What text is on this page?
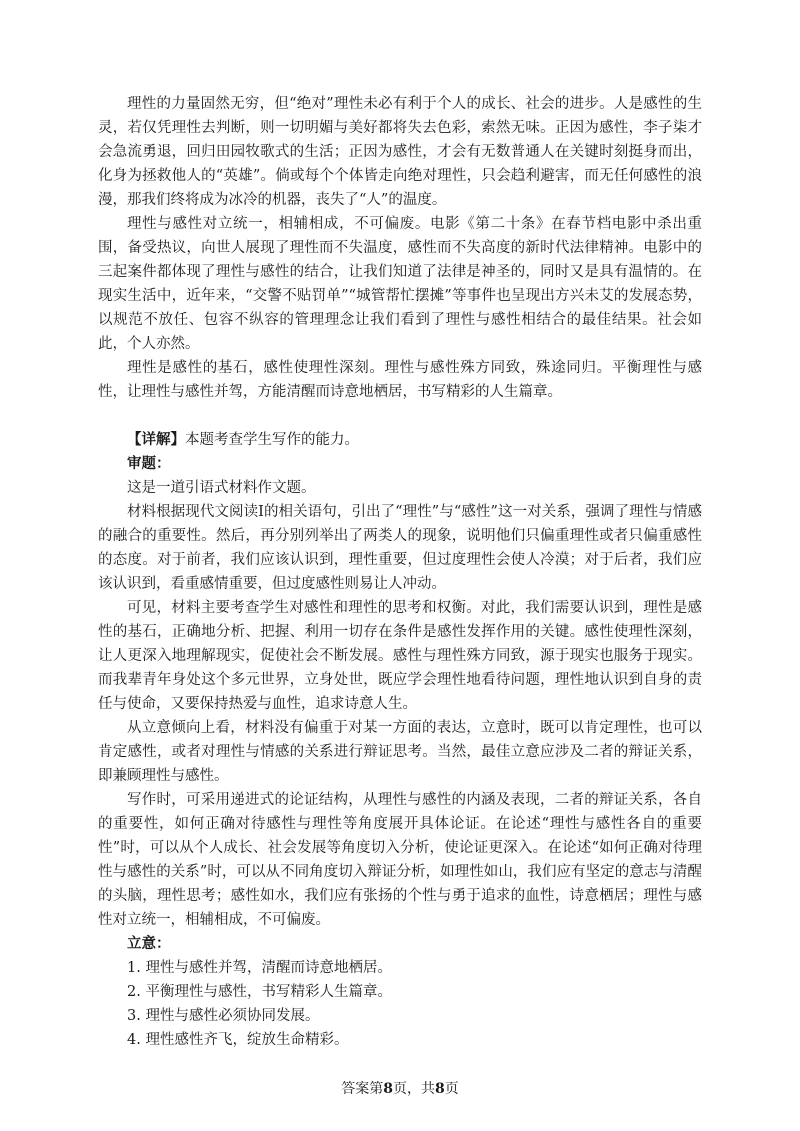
理性的力量固然无穷，但“绝对”理性未必有利于个人的成长、社会的进步。人是感性的生灵，若仅凭理性去判断，则一切明媚与美好都将失去色彩，索然无味。正因为感性，李子柒才会急流勇退，回归田园牧歌式的生活；正因为感性，才会有无数普通人在关键时刻挺身而出，化身为拯救他人的“英雄”。倘或每个个体皆走向绝对理性，只会趋利避害，而无任何感性的浪漫，那我们终将成为冰冷的机器，丧失了“人”的温度。

理性与感性对立统一，相辅相成，不可偏废。电影《第二十条》在春节档电影中杀出重围，备受热议，向世人展现了理性而不失温度，感性而不失高度的新时代法律精神。电影中的三起案件都体现了理性与感性的结合，让我们知道了法律是神圣的，同时又是具有温情的。在现实生活中，近年来，“交警不贴罚单”“城管帮忙摆摊”等事件也呈现出方兴未艾的发展态势，以规范不放任、包容不纵容的管理理念让我们看到了理性与感性相结合的最佳结果。社会如此，个人亦然。

理性是感性的基石，感性使理性深刻。理性与感性殊方同致，殊途同归。平衡理性与感性，让理性与感性并驾，方能清醒而诗意地栖居，书写精彩的人生篇章。

【详解】本题考查学生写作的能力。

审题：

这是一道引语式材料作文题。

材料根据现代文阅读Ⅰ的相关语句，引出了“理性”与“感性”这一对关系，强调了理性与情感的融合的重要性。然后，再分别列举出了两类人的现象，说明他们只偏重理性或者只偏重感性的态度。对于前者，我们应该认识到，理性重要，但过度理性会使人冷漠；对于后者，我们应该认识到，看重感情重要，但过度感性则易让人冲动。

可见，材料主要考查学生对感性和理性的思考和权衡。对此，我们需要认识到，理性是感性的基石，正确地分析、把握、利用一切存在条件是感性发挥作用的关键。感性使理性深刻，让人更深入地理解现实，促使社会不断发展。感性与理性殊方同致，源于现实也服务于现实。而我辈青年身处这个多元世界，立身处世，既应学会理性地看待问题，理性地认识到自身的责任与使命，又要保持热爱与血性，追求诗意人生。

从立意倾向上看，材料没有偏重于对某一方面的表达，立意时，既可以肯定理性，也可以肯定感性，或者对理性与情感的关系进行辩证思考。当然，最佳立意应涉及二者的辩证关系，即兼顾理性与感性。

写作时，可采用递进式的论证结构，从理性与感性的内涵及表现，二者的辩证关系，各自的重要性，如何正确对待感性与理性等角度展开具体论证。在论述“理性与感性各自的重要性”时，可以从个人成长、社会发展等角度切入分析，使论证更深入。在论述“如何正确对待理性与感性的关系”时，可以从不同角度切入辩证分析，如理性如山，我们应有坚定的意志与清醒的头脑，理性思考；感性如水，我们应有张扬的个性与勇于追求的血性，诗意栖居；理性与感性对立统一，相辅相成，不可偏废。

立意：

1. 理性与感性并驾，清醒而诗意地栖居。

2. 平衡理性与感性，书写精彩人生篇章。

3. 理性与感性必须协同发展。

4. 理性感性齐飞，绽放生命精彩。

答案第8页，共8页
